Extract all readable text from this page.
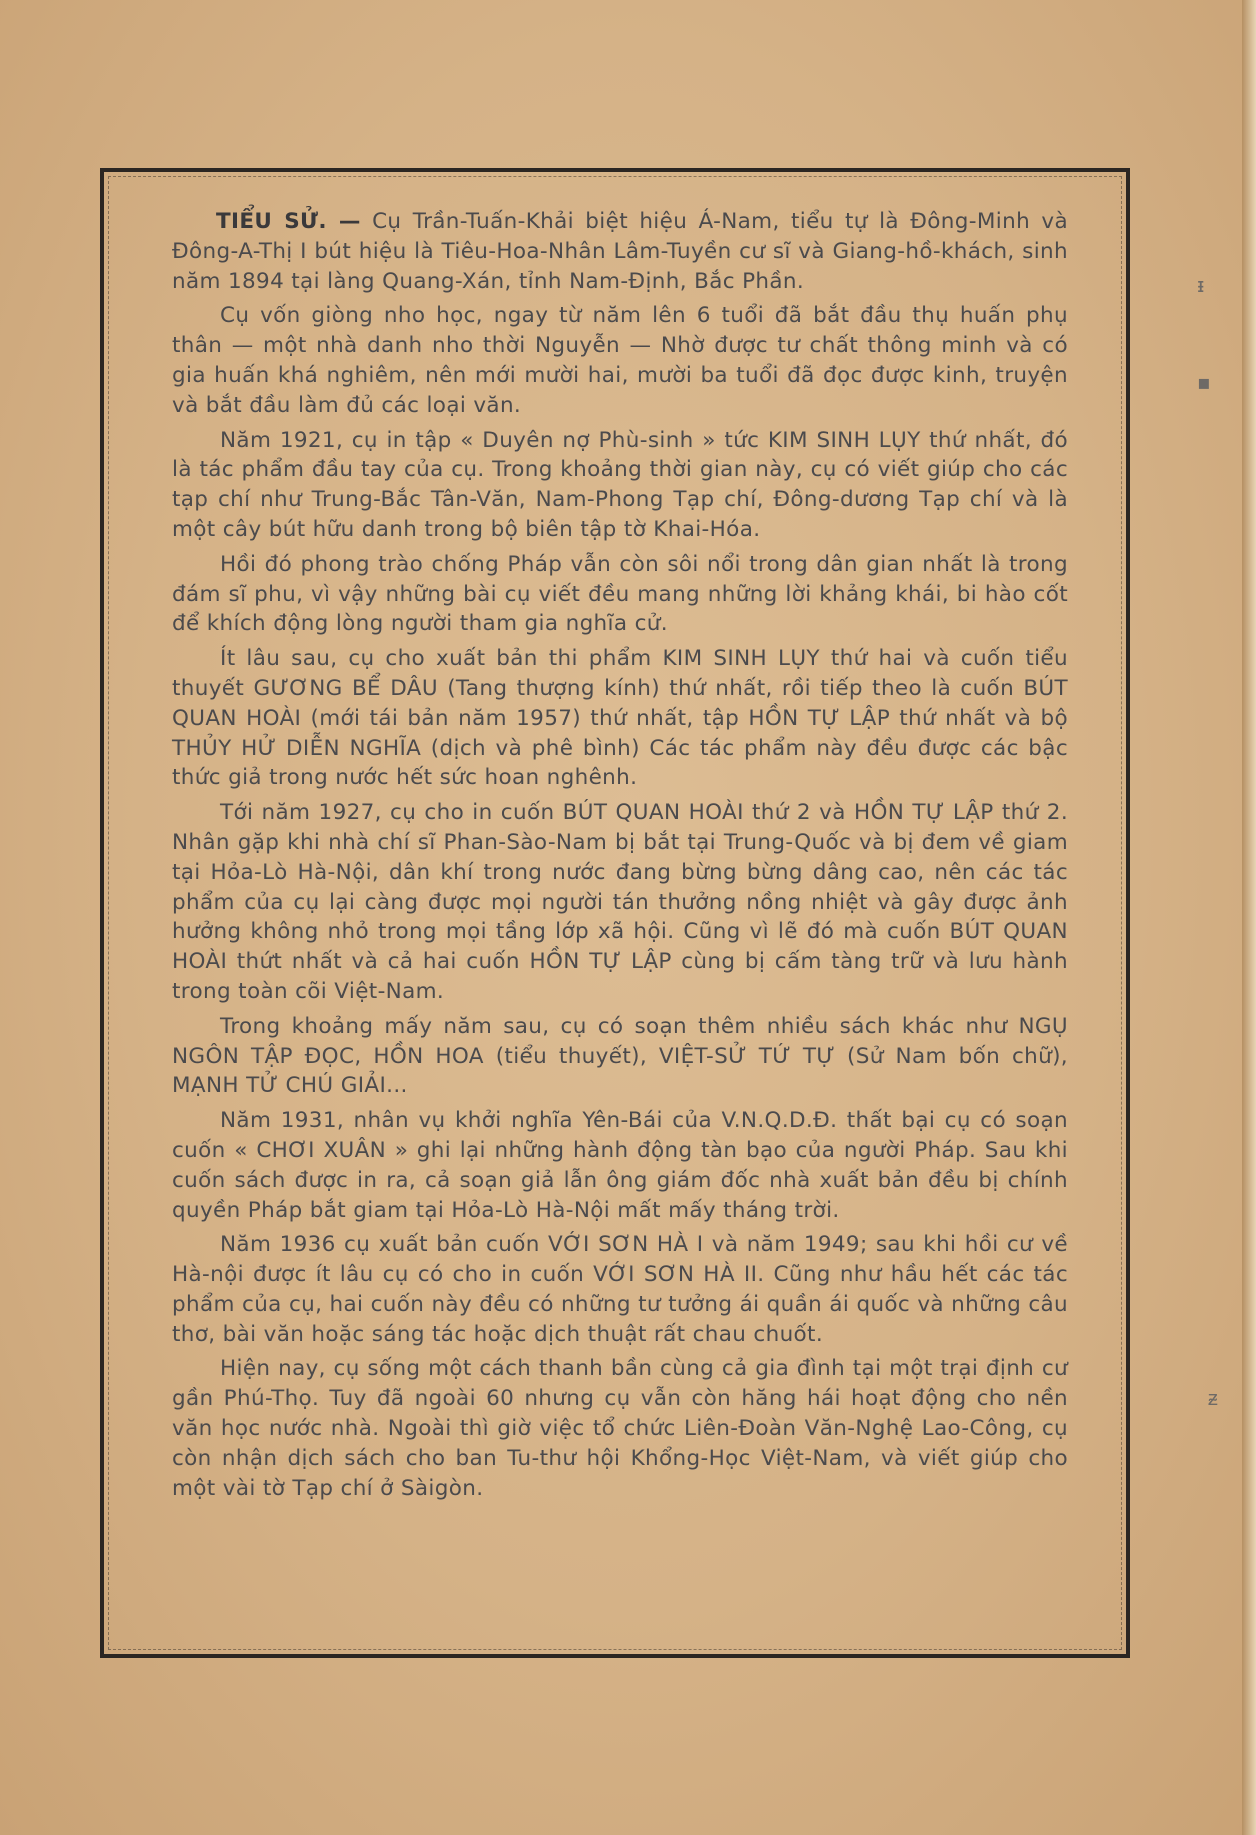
ᵻ
▪
ᵶ

TIỂU SỬ. — Cụ Trần-Tuấn-Khải biệt hiệu Á-Nam, tiểu tự là Đông-Minh và Đông-A-Thị I bút hiệu là Tiêu-Hoa-Nhân Lâm-Tuyền cư sĩ và Giang-hồ-khách, sinh năm 1894 tại làng Quang-Xán, tỉnh Nam-Định, Bắc Phần.

Cụ vốn giòng nho học, ngay từ năm lên 6 tuổi đã bắt đầu thụ huấn phụ thân — một nhà danh nho thời Nguyễn — Nhờ được tư chất thông minh và có gia huấn khá nghiêm, nên mới mười hai, mười ba tuổi đã đọc được kinh, truyện và bắt đầu làm đủ các loại văn.

Năm 1921, cụ in tập « Duyên nợ Phù-sinh » tức KIM SINH LỤY thứ nhất, đó là tác phẩm đầu tay của cụ. Trong khoảng thời gian này, cụ có viết giúp cho các tạp chí như Trung-Bắc Tân-Văn, Nam-Phong Tạp chí, Đông-dương Tạp chí và là một cây bút hữu danh trong bộ biên tập tờ Khai-Hóa.

Hồi đó phong trào chống Pháp vẫn còn sôi nổi trong dân gian nhất là trong đám sĩ phu, vì vậy những bài cụ viết đều mang những lời khảng khái, bi hào cốt để khích động lòng người tham gia nghĩa cử.

Ít lâu sau, cụ cho xuất bản thi phẩm KIM SINH LỤY thứ hai và cuốn tiểu thuyết GƯƠNG BỂ DÂU (Tang thượng kính) thứ nhất, rồi tiếp theo là cuốn BÚT QUAN HOÀI (mới tái bản năm 1957) thứ nhất, tập HỒN TỰ LẬP thứ nhất và bộ THỦY HỬ DIỄN NGHĨA (dịch và phê bình) Các tác phẩm này đều được các bậc thức giả trong nước hết sức hoan nghênh.

Tới năm 1927, cụ cho in cuốn BÚT QUAN HOÀI thứ 2 và HỒN TỰ LẬP thứ 2. Nhân gặp khi nhà chí sĩ Phan-Sào-Nam bị bắt tại Trung-Quốc và bị đem về giam tại Hỏa-Lò Hà-Nội, dân khí trong nước đang bừng bừng dâng cao, nên các tác phẩm của cụ lại càng được mọi người tán thưởng nồng nhiệt và gây được ảnh hưởng không nhỏ trong mọi tầng lớp xã hội. Cũng vì lẽ đó mà cuốn BÚT QUAN HOÀI thứt nhất và cả hai cuốn HỒN TỰ LẬP cùng bị cấm tàng trữ và lưu hành trong toàn cõi Việt-Nam.

Trong khoảng mấy năm sau, cụ có soạn thêm nhiều sách khác như NGỤ NGÔN TẬP ĐỌC, HỒN HOA (tiểu thuyết), VIỆT-SỬ TỨ TỰ (Sử Nam bốn chữ), MẠNH TỬ CHÚ GIẢI...

Năm 1931, nhân vụ khởi nghĩa Yên-Bái của V.N.Q.D.Đ. thất bại cụ có soạn cuốn « CHƠI XUÂN » ghi lại những hành động tàn bạo của người Pháp. Sau khi cuốn sách được in ra, cả soạn giả lẫn ông giám đốc nhà xuất bản đều bị chính quyền Pháp bắt giam tại Hỏa-Lò Hà-Nội mất mấy tháng trời.

Năm 1936 cụ xuất bản cuốn VỚI SƠN HÀ I và năm 1949; sau khi hồi cư về Hà-nội được ít lâu cụ có cho in cuốn VỚI SƠN HÀ II. Cũng như hầu hết các tác phẩm của cụ, hai cuốn này đều có những tư tưởng ái quần ái quốc và những câu thơ, bài văn hoặc sáng tác hoặc dịch thuật rất chau chuốt.

Hiện nay, cụ sống một cách thanh bần cùng cả gia đình tại một trại định cư gần Phú-Thọ. Tuy đã ngoài 60 nhưng cụ vẫn còn hăng hái hoạt động cho nền văn học nước nhà. Ngoài thì giờ việc tổ chức Liên-Đoàn Văn-Nghệ Lao-Công, cụ còn nhận dịch sách cho ban Tu-thư hội Khổng-Học Việt-Nam, và viết giúp cho một vài tờ Tạp chí ở Sàigòn.
